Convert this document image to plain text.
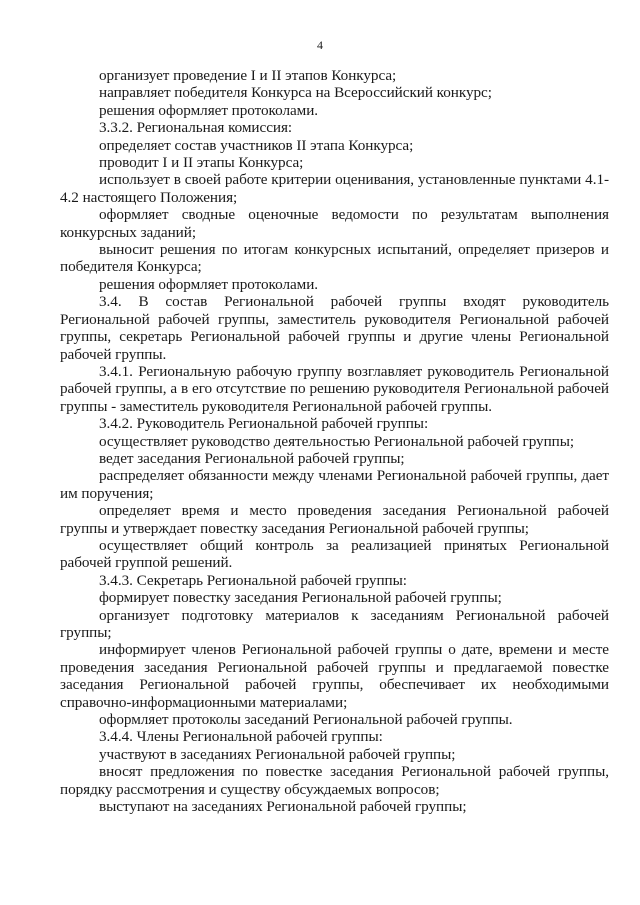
4

организует проведение I и II этапов Конкурса;

направляет победителя Конкурса на Всероссийский конкурс;

решения оформляет протоколами.

3.3.2. Региональная комиссия:

определяет состав участников II этапа Конкурса;

проводит I и II этапы Конкурса;

использует в своей работе критерии оценивания, установленные пунктами 4.1-4.2 настоящего Положения;

оформляет сводные оценочные ведомости по результатам выполнения конкурсных заданий;

выносит решения по итогам конкурсных испытаний, определяет призеров и победителя Конкурса;

решения оформляет протоколами.

3.4. В состав Региональной рабочей группы входят руководитель Региональной рабочей группы, заместитель руководителя Региональной рабочей группы, секретарь Региональной рабочей группы и другие члены Региональной рабочей группы.

3.4.1. Региональную рабочую группу возглавляет руководитель Региональной рабочей группы, а в его отсутствие по решению руководителя Региональной рабочей группы - заместитель руководителя Региональной рабочей группы.

3.4.2. Руководитель Региональной рабочей группы:

осуществляет руководство деятельностью Региональной рабочей группы;

ведет заседания Региональной рабочей группы;

распределяет обязанности между членами Региональной рабочей группы, дает им поручения;

определяет время и место проведения заседания Региональной рабочей группы и утверждает повестку заседания Региональной рабочей группы;

осуществляет общий контроль за реализацией принятых Региональной рабочей группой решений.

3.4.3. Секретарь Региональной рабочей группы:

формирует повестку заседания Региональной рабочей группы;

организует подготовку материалов к заседаниям Региональной рабочей группы;

информирует членов Региональной рабочей группы о дате, времени и месте проведения заседания Региональной рабочей группы и предлагаемой повестке заседания Региональной рабочей группы, обеспечивает их необходимыми справочно-информационными материалами;

оформляет протоколы заседаний Региональной рабочей группы.

3.4.4. Члены Региональной рабочей группы:

участвуют в заседаниях Региональной рабочей группы;

вносят предложения по повестке заседания Региональной рабочей группы, порядку рассмотрения и существу обсуждаемых вопросов;

выступают на заседаниях Региональной рабочей группы;
